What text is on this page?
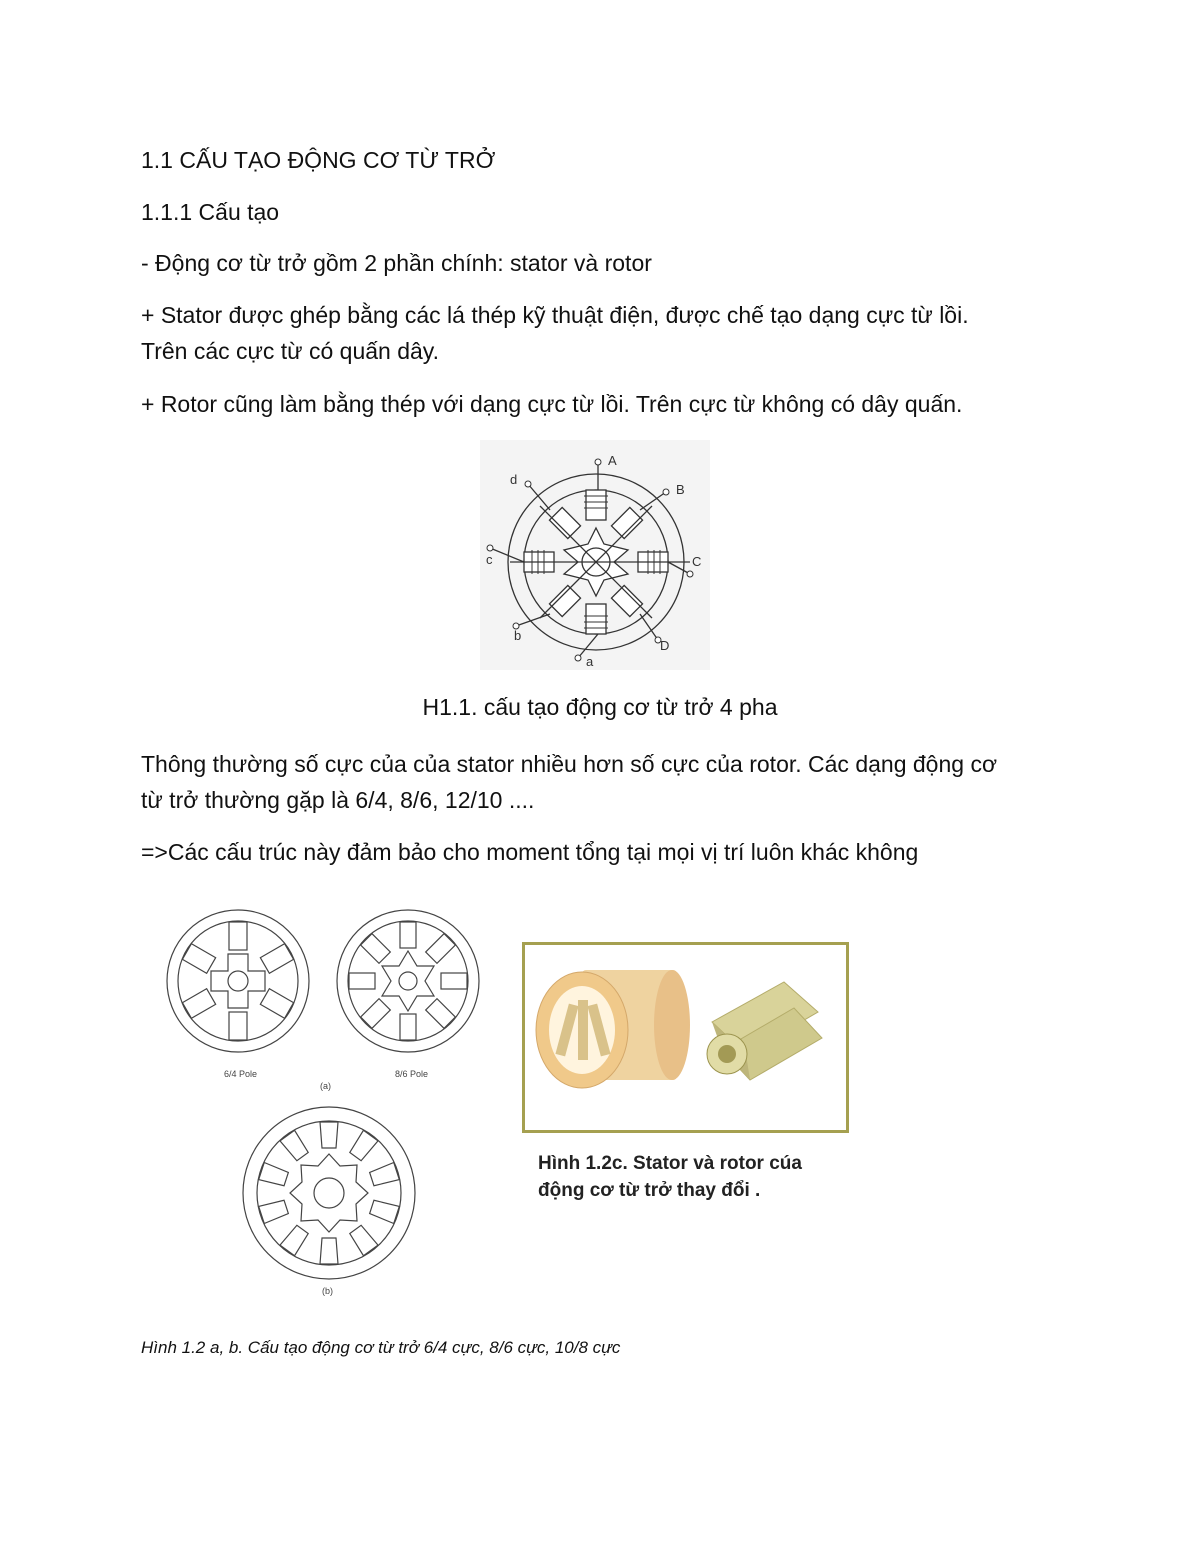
1.1 CẤU TẠO ĐỘNG CƠ TỪ TRỞ
1.1.1 Cấu tạo
- Động cơ từ trở gồm 2 phần chính: stator và rotor
+ Stator được ghép bằng các lá thép kỹ thuật điện, được chế tạo dạng cực từ lồi.
Trên các cực từ có quấn dây.
+ Rotor cũng làm bằng thép với dạng cực từ lồi. Trên cực từ không có dây quấn.
A
B
C
D
a
b
c
d
H1.1. cấu tạo động cơ từ trở 4 pha
Thông thường số cực của của stator nhiều hơn số cực của rotor. Các dạng động cơ
từ trở thường gặp là 6/4, 8/6, 12/10 ....
=>Các cấu trúc này đảm bảo cho moment tổng tại mọi vị trí luôn khác không
6/4 Pole	8/6 Pole
(a)
(b)
Hình 1.2c. Stator và rotor cúa
động cơ từ trở thay đổi .
Hình 1.2 a, b. Cấu tạo động cơ từ trở 6/4 cực, 8/6 cực, 10/8 cực
